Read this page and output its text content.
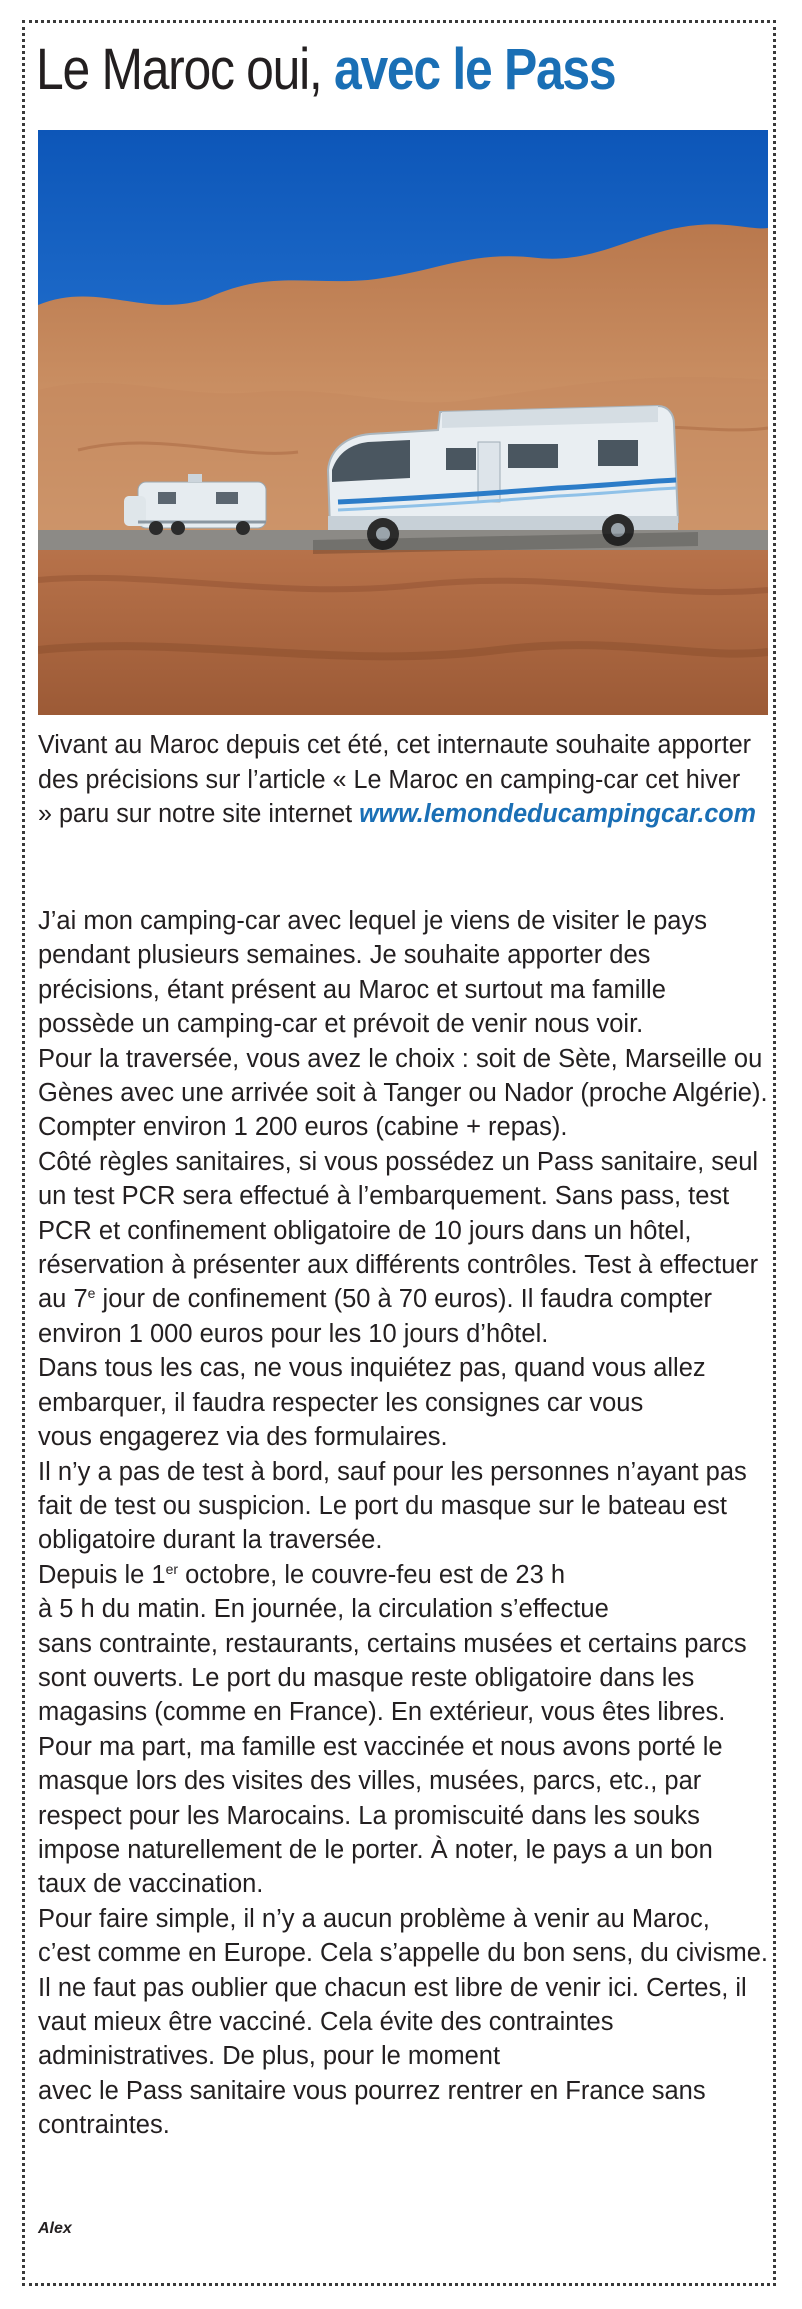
Le Maroc oui, avec le Pass

Vivant au Maroc depuis cet été, cet internaute souhaite apporter des précisions sur l’article « Le Maroc en camping-car cet hiver » paru sur notre site internet www.lemondeducampingcar.com

J’ai mon camping-car avec lequel je viens de visiter le pays pendant plusieurs semaines. Je souhaite apporter des précisions, étant présent au Maroc et surtout ma famille possède un camping-car et prévoit de venir nous voir.

Pour la traversée, vous avez le choix : soit de Sète, Marseille ou Gènes avec une arrivée soit à Tanger ou Nador (proche Algérie). Compter environ 1 200 euros (cabine + repas).

Côté règles sanitaires, si vous possédez un Pass sanitaire, seul un test PCR sera effectué à l’embarquement. Sans pass, test PCR et confinement obligatoire de 10 jours dans un hôtel, réservation à présenter aux différents contrôles. Test à effectuer au 7e jour de confinement (50 à 70 euros). Il faudra compter environ 1 000 euros pour les 10 jours d’hôtel.

Dans tous les cas, ne vous inquiétez pas, quand vous allez embarquer, il faudra respecter les consignes car vous

vous engagerez via des formulaires.

Il n’y a pas de test à bord, sauf pour les personnes n’ayant pas fait de test ou suspicion. Le port du masque sur le bateau est obligatoire durant la traversée.

Depuis le 1er octobre, le couvre-feu est de 23 h

à 5 h du matin. En journée, la circulation s’effectue

sans contrainte, restaurants, certains musées et certains parcs sont ouverts. Le port du masque reste obligatoire dans les magasins (comme en France). En extérieur, vous êtes libres.

Pour ma part, ma famille est vaccinée et nous avons porté le masque lors des visites des villes, musées, parcs, etc., par respect pour les Marocains. La promiscuité dans les souks impose naturellement de le porter. À noter, le pays a un bon taux de vaccination.

Pour faire simple, il n’y a aucun problème à venir au Maroc, c’est comme en Europe. Cela s’appelle du bon sens, du civisme. Il ne faut pas oublier que chacun est libre de venir ici. Certes, il vaut mieux être vacciné. Cela évite des contraintes administratives. De plus, pour le moment

avec le Pass sanitaire vous pourrez rentrer en France sans contraintes.

Alex
